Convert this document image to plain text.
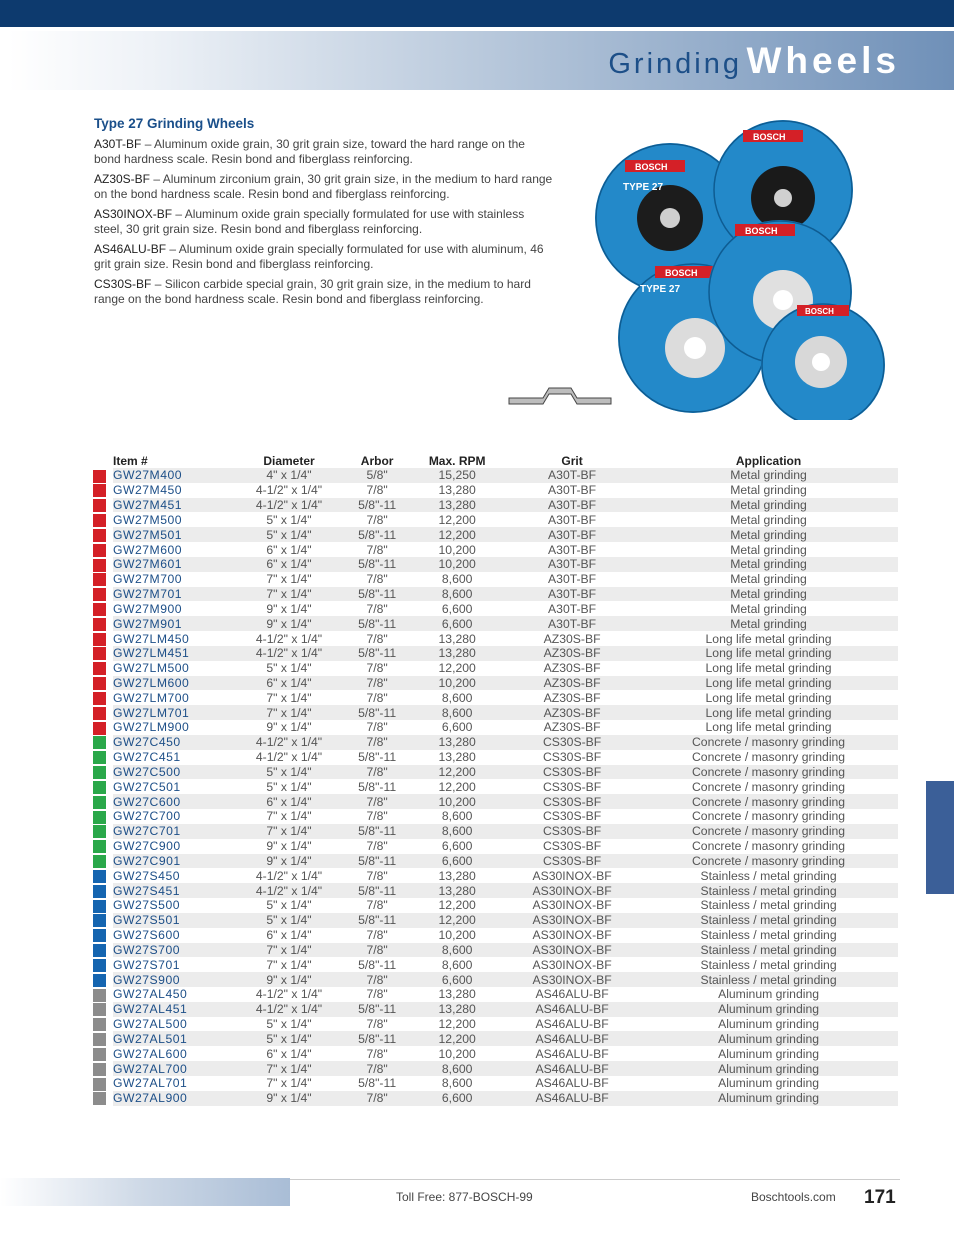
Grinding Wheels
Type 27 Grinding Wheels

A30T-BF – Aluminum oxide grain, 30 grit grain size, toward the hard range on the bond hardness scale. Resin bond and fiberglass reinforcing.

AZ30S-BF – Aluminum zirconium grain, 30 grit grain size, in the medium to hard range on the bond hardness scale. Resin bond and fiberglass reinforcing.

AS30INOX-BF – Aluminum oxide grain specially formulated for use with stainless steel, 30 grit grain size. Resin bond and fiberglass reinforcing.

AS46ALU-BF – Aluminum oxide grain specially formulated for use with aluminum, 46 grit grain size. Resin bond and fiberglass reinforcing.

CS30S-BF – Silicon carbide special grain, 30 grit grain size, in the medium to hard range on the bond hardness scale. Resin bond and fiberglass reinforcing.

BOSCH
TYPE 27
BOSCH
BOSCH
TYPE 27
BOSCH
BOSCH
	Item #	Diameter	Arbor	Max. RPM	Grit	Application
	GW27M400	4" x 1/4"	5/8"	15,250	A30T-BF	Metal grinding
	GW27M450	4-1/2" x 1/4"	7/8"	13,280	A30T-BF	Metal grinding
	GW27M451	4-1/2" x 1/4"	5/8"-11	13,280	A30T-BF	Metal grinding
	GW27M500	5" x 1/4"	7/8"	12,200	A30T-BF	Metal grinding
	GW27M501	5" x 1/4"	5/8"-11	12,200	A30T-BF	Metal grinding
	GW27M600	6" x 1/4"	7/8"	10,200	A30T-BF	Metal grinding
	GW27M601	6" x 1/4"	5/8"-11	10,200	A30T-BF	Metal grinding
	GW27M700	7" x 1/4"	7/8"	8,600	A30T-BF	Metal grinding
	GW27M701	7" x 1/4"	5/8"-11	8,600	A30T-BF	Metal grinding
	GW27M900	9" x 1/4"	7/8"	6,600	A30T-BF	Metal grinding
	GW27M901	9" x 1/4"	5/8"-11	6,600	A30T-BF	Metal grinding
	GW27LM450	4-1/2" x 1/4"	7/8"	13,280	AZ30S-BF	Long life metal grinding
	GW27LM451	4-1/2" x 1/4"	5/8"-11	13,280	AZ30S-BF	Long life metal grinding
	GW27LM500	5" x 1/4"	7/8"	12,200	AZ30S-BF	Long life metal grinding
	GW27LM600	6" x 1/4"	7/8"	10,200	AZ30S-BF	Long life metal grinding
	GW27LM700	7" x 1/4"	7/8"	8,600	AZ30S-BF	Long life metal grinding
	GW27LM701	7" x 1/4"	5/8"-11	8,600	AZ30S-BF	Long life metal grinding
	GW27LM900	9" x 1/4"	7/8"	6,600	AZ30S-BF	Long life metal grinding
	GW27C450	4-1/2" x 1/4"	7/8"	13,280	CS30S-BF	Concrete / masonry grinding
	GW27C451	4-1/2" x 1/4"	5/8"-11	13,280	CS30S-BF	Concrete / masonry grinding
	GW27C500	5" x 1/4"	7/8"	12,200	CS30S-BF	Concrete / masonry grinding
	GW27C501	5" x 1/4"	5/8"-11	12,200	CS30S-BF	Concrete / masonry grinding
	GW27C600	6" x 1/4"	7/8"	10,200	CS30S-BF	Concrete / masonry grinding
	GW27C700	7" x 1/4"	7/8"	8,600	CS30S-BF	Concrete / masonry grinding
	GW27C701	7" x 1/4"	5/8"-11	8,600	CS30S-BF	Concrete / masonry grinding
	GW27C900	9" x 1/4"	7/8"	6,600	CS30S-BF	Concrete / masonry grinding
	GW27C901	9" x 1/4"	5/8"-11	6,600	CS30S-BF	Concrete / masonry grinding
	GW27S450	4-1/2" x 1/4"	7/8"	13,280	AS30INOX-BF	Stainless / metal grinding
	GW27S451	4-1/2" x 1/4"	5/8"-11	13,280	AS30INOX-BF	Stainless / metal grinding
	GW27S500	5" x 1/4"	7/8"	12,200	AS30INOX-BF	Stainless / metal grinding
	GW27S501	5" x 1/4"	5/8"-11	12,200	AS30INOX-BF	Stainless / metal grinding
	GW27S600	6" x 1/4"	7/8"	10,200	AS30INOX-BF	Stainless / metal grinding
	GW27S700	7" x 1/4"	7/8"	8,600	AS30INOX-BF	Stainless / metal grinding
	GW27S701	7" x 1/4"	5/8"-11	8,600	AS30INOX-BF	Stainless / metal grinding
	GW27S900	9" x 1/4"	7/8"	6,600	AS30INOX-BF	Stainless / metal grinding
	GW27AL450	4-1/2" x 1/4"	7/8"	13,280	AS46ALU-BF	Aluminum grinding
	GW27AL451	4-1/2" x 1/4"	5/8"-11	13,280	AS46ALU-BF	Aluminum grinding
	GW27AL500	5" x 1/4"	7/8"	12,200	AS46ALU-BF	Aluminum grinding
	GW27AL501	5" x 1/4"	5/8"-11	12,200	AS46ALU-BF	Aluminum grinding
	GW27AL600	6" x 1/4"	7/8"	10,200	AS46ALU-BF	Aluminum grinding
	GW27AL700	7" x 1/4"	7/8"	8,600	AS46ALU-BF	Aluminum grinding
	GW27AL701	7" x 1/4"	5/8"-11	8,600	AS46ALU-BF	Aluminum grinding
	GW27AL900	9" x 1/4"	7/8"	6,600	AS46ALU-BF	Aluminum grinding
Toll Free: 877-BOSCH-99	Boschtools.com 171
